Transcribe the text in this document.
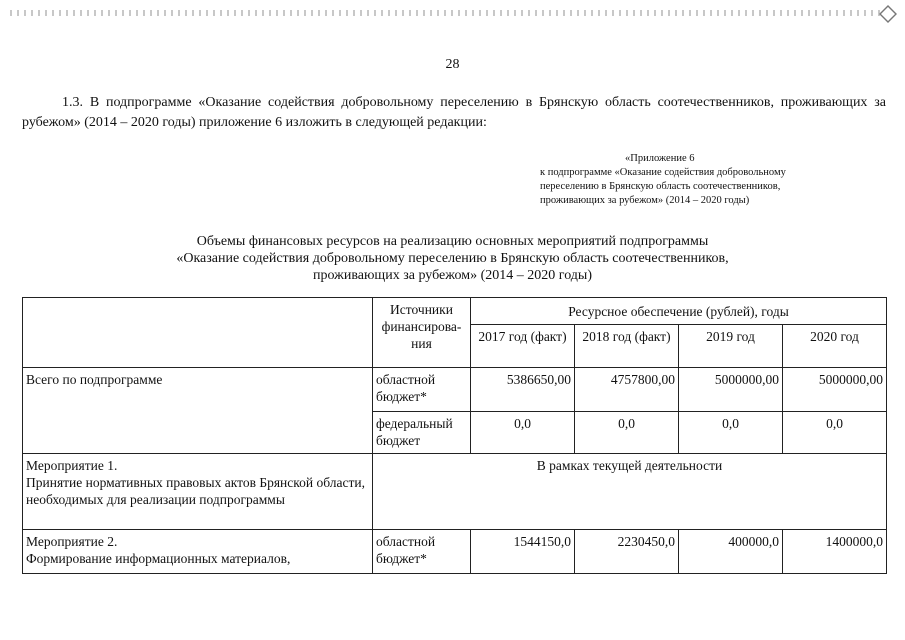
28

1.3. В подпрограмме «Оказание содействия добровольному переселению в Брянскую область соотечественников, проживающих за рубежом» (2014 – 2020 годы) приложение 6 изложить в следующей редакции:

«Приложение 6
к подпрограмме «Оказание содействия добровольному
переселению в Брянскую область соотечественников,
проживающих за рубежом» (2014 – 2020 годы)
Объемы финансовых ресурсов на реализацию основных мероприятий подпрограммы
«Оказание содействия добровольному переселению в Брянскую область соотечественников,
проживающих за рубежом» (2014 – 2020 годы)
	Источники финансирова-ния	Ресурсное обеспечение (рублей), годы			
		2017 год (факт)	2018 год (факт)	2019 год	2020 год
Всего по подпрограмме	областной бюджет*	5386650,00	4757800,00	5000000,00	5000000,00
	федеральный бюджет	0,0	0,0	0,0	0,0

Мероприятие 1.
Принятие нормативных правовых актов Брянской области, необходимых для реализации подпрограммы	В рамках текущей деятельности				

Мероприятие 2.
Формирование информационных материалов,	областной бюджет*	1544150,0	2230450,0	400000,0	1400000,0
